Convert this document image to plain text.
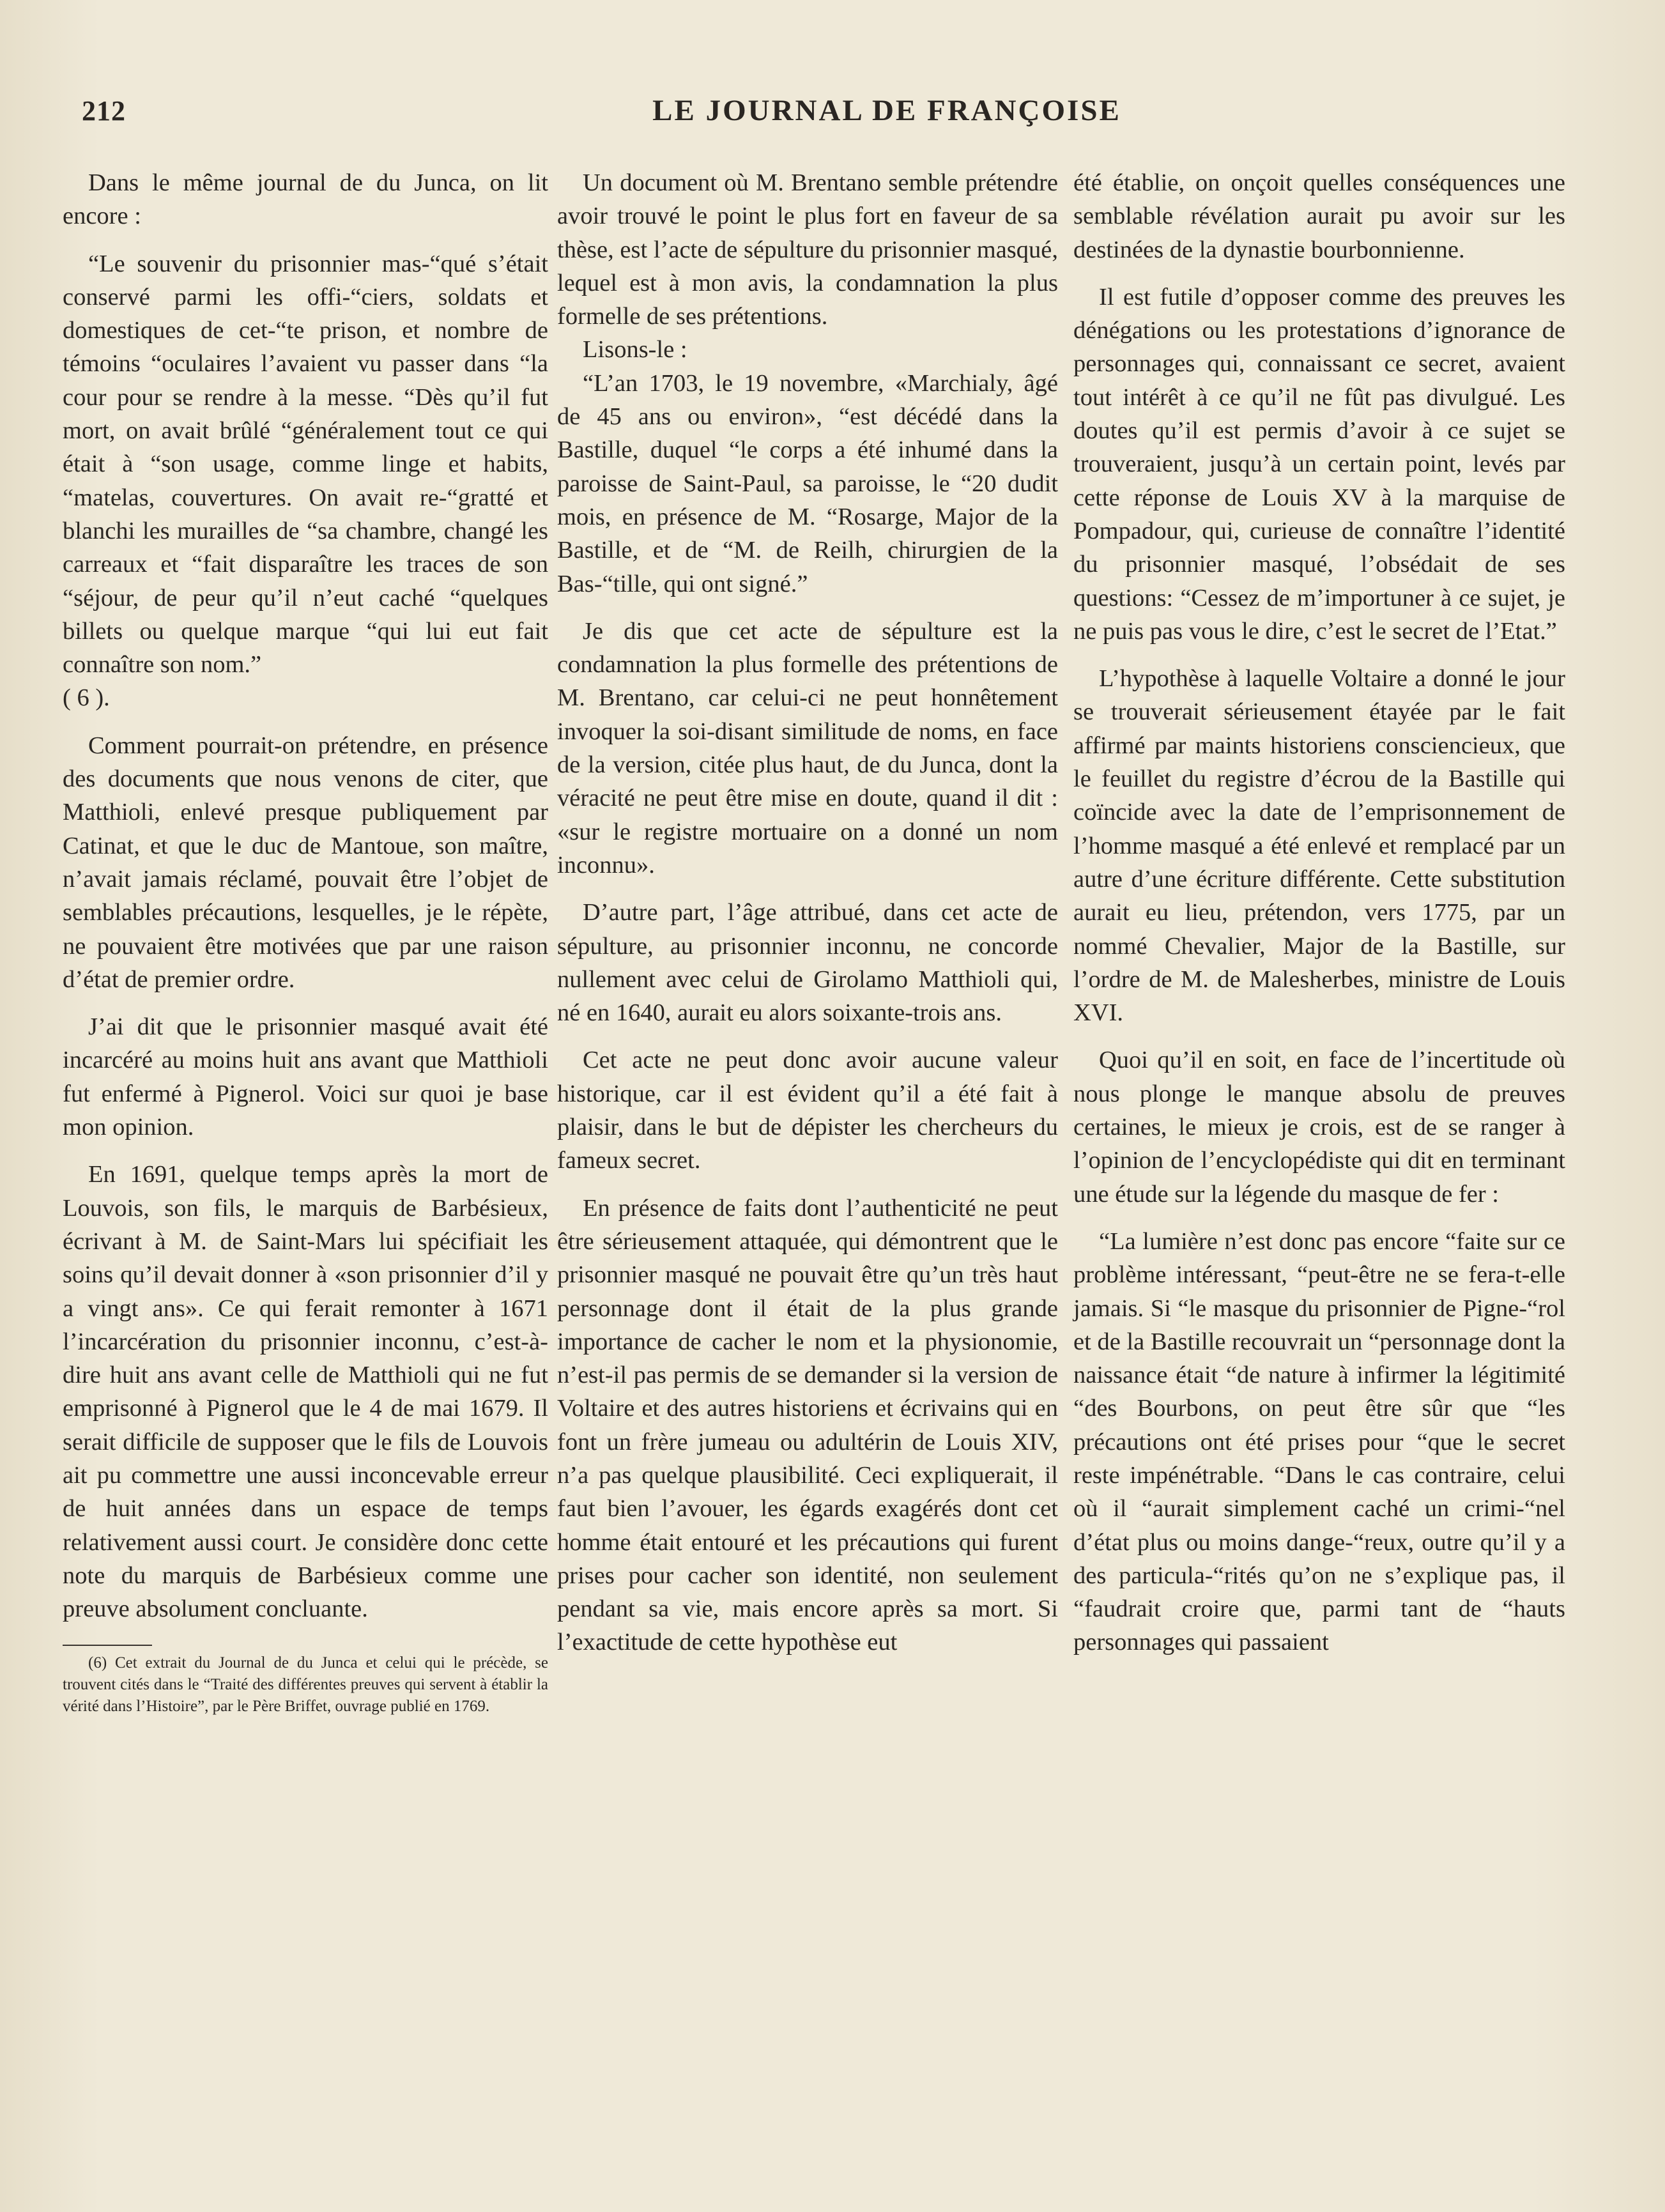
212	LE JOURNAL DE FRANÇOISE

Dans le même journal de du Junca, on lit encore :

“Le souvenir du prisonnier mas-“qué s’était conservé parmi les offi-“ciers, soldats et domestiques de cet-“te prison, et nombre de témoins “oculaires l’avaient vu passer dans “la cour pour se rendre à la messe. “Dès qu’il fut mort, on avait brûlé “généralement tout ce qui était à “son usage, comme linge et habits, “matelas, couvertures. On avait re-“gratté et blanchi les murailles de “sa chambre, changé les carreaux et “fait disparaître les traces de son “séjour, de peur qu’il n’eut caché “quelques billets ou quelque marque “qui lui eut fait connaître son nom.”

( 6 ).

Comment pourrait-on prétendre, en présence des documents que nous venons de citer, que Matthioli, enlevé presque publiquement par Catinat, et que le duc de Mantoue, son maître, n’avait jamais réclamé, pouvait être l’objet de semblables précautions, lesquelles, je le répète, ne pouvaient être motivées que par une raison d’état de premier ordre.

J’ai dit que le prisonnier masqué avait été incarcéré au moins huit ans avant que Matthioli fut enfermé à Pignerol. Voici sur quoi je base mon opinion.

En 1691, quelque temps après la mort de Louvois, son fils, le marquis de Barbésieux, écrivant à M. de Saint-Mars lui spécifiait les soins qu’il devait donner à «son prisonnier d’il y a vingt ans». Ce qui ferait remonter à 1671 l’incarcération du prisonnier inconnu, c’est-à-dire huit ans avant celle de Matthioli qui ne fut emprisonné à Pignerol que le 4 de mai 1679. Il serait difficile de supposer que le fils de Louvois ait pu commettre une aussi inconcevable erreur de huit années dans un espace de temps relativement aussi court. Je considère donc cette note du marquis de Barbésieux comme une preuve absolument concluante.

(6) Cet extrait du Journal de du Junca et celui qui le précède, se trouvent cités dans le “Traité des différentes preuves qui servent à établir la vérité dans l’Histoire”, par le Père Briffet, ouvrage publié en 1769.

Un document où M. Brentano semble prétendre avoir trouvé le point le plus fort en faveur de sa thèse, est l’acte de sépulture du prisonnier masqué, lequel est à mon avis, la condamnation la plus formelle de ses prétentions.

Lisons-le :

“L’an 1703, le 19 novembre, «Marchialy, âgé de 45 ans ou environ», “est décédé dans la Bastille, duquel “le corps a été inhumé dans la paroisse de Saint-Paul, sa paroisse, le “20 dudit mois, en présence de M. “Rosarge, Major de la Bastille, et de “M. de Reilh, chirurgien de la Bas-“tille, qui ont signé.”

Je dis que cet acte de sépulture est la condamnation la plus formelle des prétentions de M. Brentano, car celui-ci ne peut honnêtement invoquer la soi-disant similitude de noms, en face de la version, citée plus haut, de du Junca, dont la véracité ne peut être mise en doute, quand il dit : «sur le registre mortuaire on a donné un nom inconnu».

D’autre part, l’âge attribué, dans cet acte de sépulture, au prisonnier inconnu, ne concorde nullement avec celui de Girolamo Matthioli qui, né en 1640, aurait eu alors soixante-trois ans.

Cet acte ne peut donc avoir aucune valeur historique, car il est évident qu’il a été fait à plaisir, dans le but de dépister les chercheurs du fameux secret.

En présence de faits dont l’authenticité ne peut être sérieusement attaquée, qui démontrent que le prisonnier masqué ne pouvait être qu’un très haut personnage dont il était de la plus grande importance de cacher le nom et la physionomie, n’est-il pas permis de se demander si la version de Voltaire et des autres historiens et écrivains qui en font un frère jumeau ou adultérin de Louis XIV, n’a pas quelque plausibilité. Ceci expliquerait, il faut bien l’avouer, les égards exagérés dont cet homme était entouré et les précautions qui furent prises pour cacher son identité, non seulement pendant sa vie, mais encore après sa mort. Si l’exactitude de cette hypothèse eut

été établie, on onçoit quelles conséquences une semblable révélation aurait pu avoir sur les destinées de la dynastie bourbonnienne.

Il est futile d’opposer comme des preuves les dénégations ou les protestations d’ignorance de personnages qui, connaissant ce secret, avaient tout intérêt à ce qu’il ne fût pas divulgué. Les doutes qu’il est permis d’avoir à ce sujet se trouveraient, jusqu’à un certain point, levés par cette réponse de Louis XV à la marquise de Pompadour, qui, curieuse de connaître l’identité du prisonnier masqué, l’obsédait de ses questions: “Cessez de m’importuner à ce sujet, je ne puis pas vous le dire, c’est le secret de l’Etat.”

L’hypothèse à laquelle Voltaire a donné le jour se trouverait sérieusement étayée par le fait affirmé par maints historiens consciencieux, que le feuillet du registre d’écrou de la Bastille qui coïncide avec la date de l’emprisonnement de l’homme masqué a été enlevé et remplacé par un autre d’une écriture différente. Cette substitution aurait eu lieu, prétendon, vers 1775, par un nommé Chevalier, Major de la Bastille, sur l’ordre de M. de Malesherbes, ministre de Louis XVI.

Quoi qu’il en soit, en face de l’incertitude où nous plonge le manque absolu de preuves certaines, le mieux je crois, est de se ranger à l’opinion de l’encyclopédiste qui dit en terminant une étude sur la légende du masque de fer :

“La lumière n’est donc pas encore “faite sur ce problème intéressant, “peut-être ne se fera-t-elle jamais. Si “le masque du prisonnier de Pigne-“rol et de la Bastille recouvrait un “personnage dont la naissance était “de nature à infirmer la légitimité “des Bourbons, on peut être sûr que “les précautions ont été prises pour “que le secret reste impénétrable. “Dans le cas contraire, celui où il “aurait simplement caché un crimi-“nel d’état plus ou moins dange-“reux, outre qu’il y a des particula-“rités qu’on ne s’explique pas, il “faudrait croire que, parmi tant de “hauts personnages qui passaient
